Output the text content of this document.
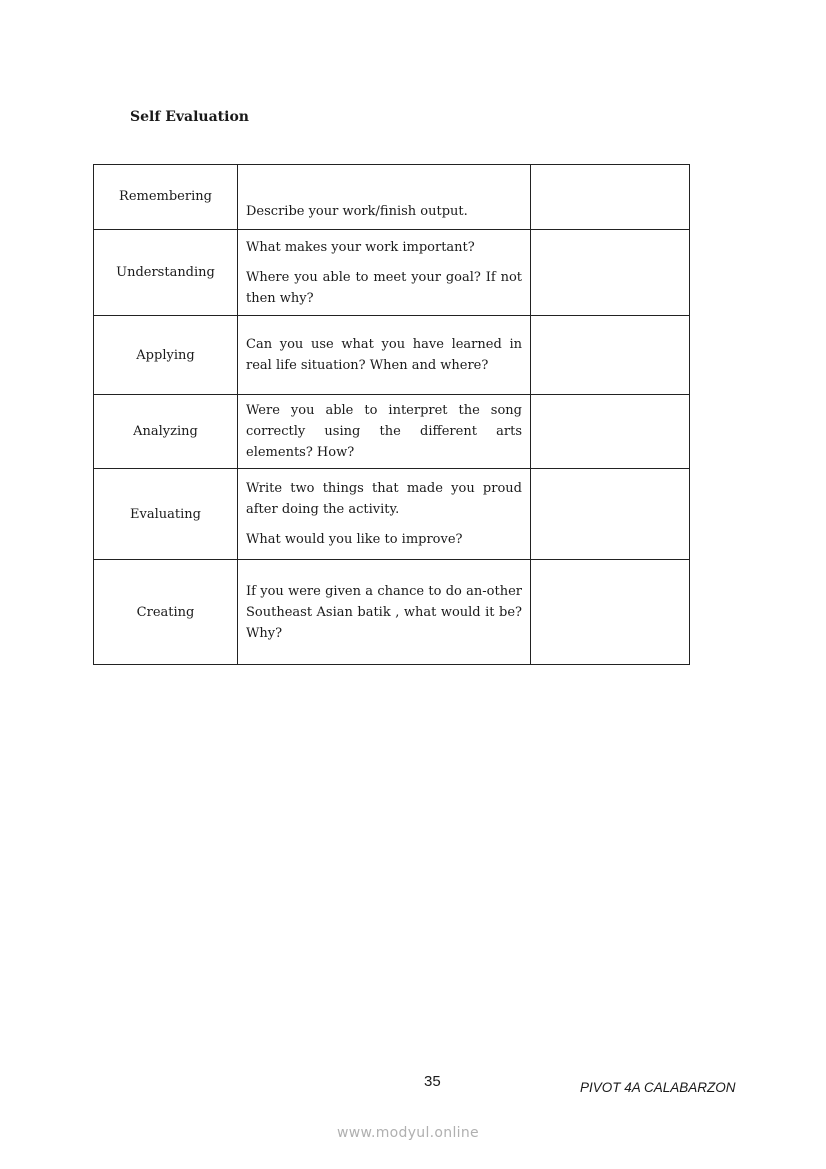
Self Evaluation
Remembering	Describe your work/finish output.	

Understanding	What makes your work important?

Where you able to meet your goal? If not then why?	

Applying	Can you use what you have learned in real life situation? When and where?	

Analyzing	Were you able to interpret the song correctly using the different arts elements? How?	

Evaluating	Write two things that made you proud after doing the activity.

What would you like to improve?	

Creating	If you were given a chance to do an-other Southeast Asian batik , what would it be? Why?	

35	PIVOT 4A CALABARZON
www.modyul.online
